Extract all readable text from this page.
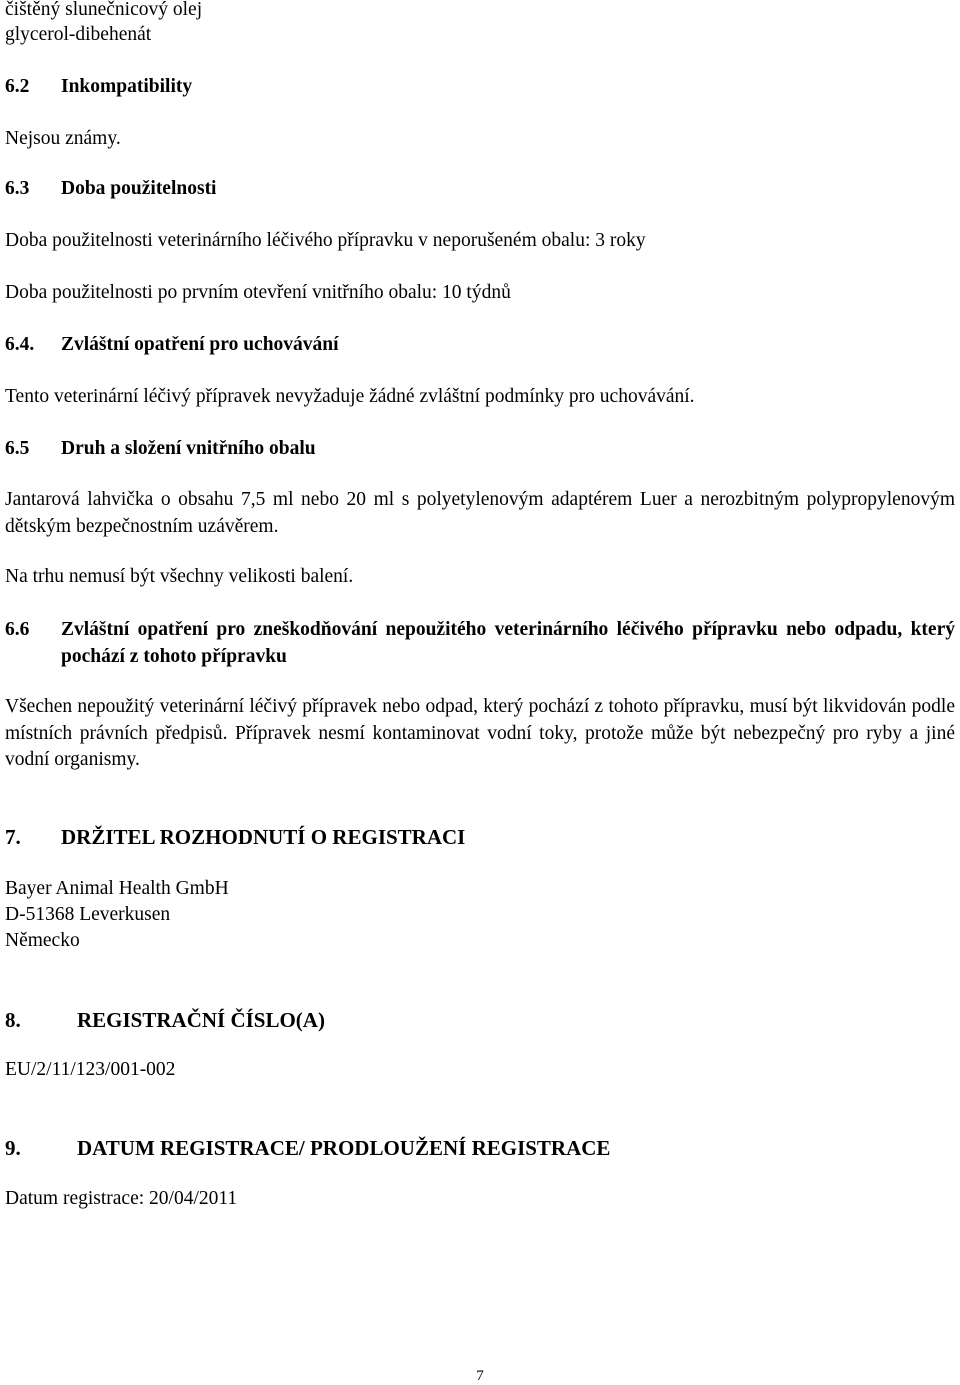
čištěný slunečnicový olej
glycerol-dibehenát
6.2 Inkompatibility
Nejsou známy.
6.3 Doba použitelnosti
Doba použitelnosti veterinárního léčivého přípravku v neporušeném obalu: 3 roky
Doba použitelnosti po prvním otevření vnitřního obalu: 10 týdnů
6.4. Zvláštní opatření pro uchovávání
Tento veterinární léčivý přípravek nevyžaduje žádné zvláštní podmínky pro uchovávání.
6.5 Druh a složení vnitřního obalu
Jantarová lahvička o obsahu 7,5 ml nebo 20 ml s polyetylenovým adaptérem Luer a nerozbitným polypropylenovým dětským bezpečnostním uzávěrem.
Na trhu nemusí být všechny velikosti balení.
6.6	Zvláštní opatření pro zneškodňování nepoužitého veterinárního léčivého přípravku nebo odpadu, který pochází z tohoto přípravku
Všechen nepoužitý veterinární léčivý přípravek nebo odpad, který pochází z tohoto přípravku, musí být likvidován podle místních právních předpisů. Přípravek nesmí kontaminovat vodní toky, protože může být nebezpečný pro ryby a jiné vodní organismy.
7. DRŽITEL ROZHODNUTÍ O REGISTRACI
Bayer Animal Health GmbH
D-51368 Leverkusen
Německo
8.	REGISTRAČNÍ ČÍSLO(A)
EU/2/11/123/001-002
9.	DATUM REGISTRACE/ PRODLOUŽENÍ REGISTRACE
Datum registrace: 20/04/2011
7
